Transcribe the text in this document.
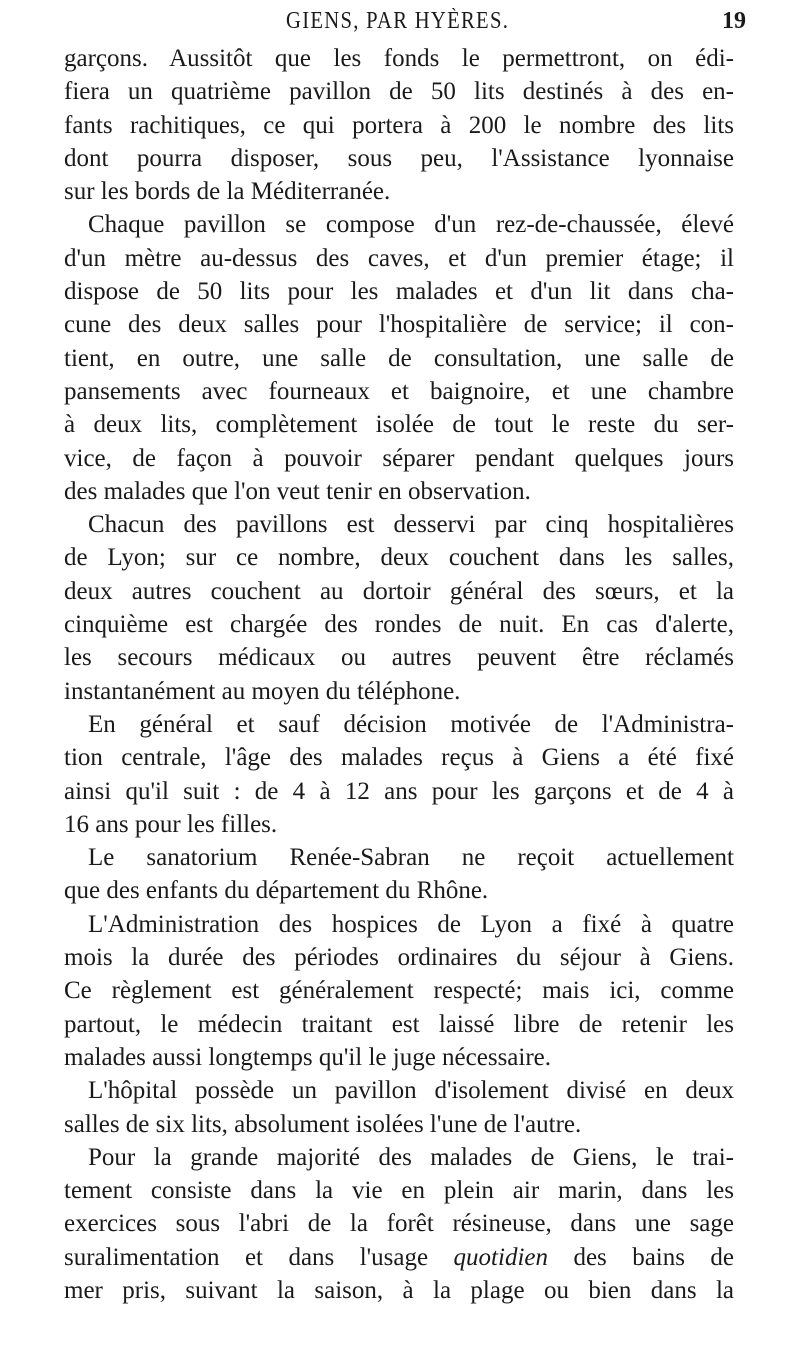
GIENS, PAR HYÈRES.	19
garçons. Aussitôt que les fonds le permettront, on édi-
fiera un quatrième pavillon de 50 lits destinés à des en-
fants rachitiques, ce qui portera à 200 le nombre des lits
dont pourra disposer, sous peu, l'Assistance lyonnaise
sur les bords de la Méditerranée.
Chaque pavillon se compose d'un rez-de-chaussée, élevé
d'un mètre au-dessus des caves, et d'un premier étage; il
dispose de 50 lits pour les malades et d'un lit dans cha-
cune des deux salles pour l'hospitalière de service; il con-
tient, en outre, une salle de consultation, une salle de
pansements avec fourneaux et baignoire, et une chambre
à deux lits, complètement isolée de tout le reste du ser-
vice, de façon à pouvoir séparer pendant quelques jours
des malades que l'on veut tenir en observation.
Chacun des pavillons est desservi par cinq hospitalières
de Lyon; sur ce nombre, deux couchent dans les salles,
deux autres couchent au dortoir général des sœurs, et la
cinquième est chargée des rondes de nuit. En cas d'alerte,
les secours médicaux ou autres peuvent être réclamés
instantanément au moyen du téléphone.
En général et sauf décision motivée de l'Administra-
tion centrale, l'âge des malades reçus à Giens a été fixé
ainsi qu'il suit : de 4 à 12 ans pour les garçons et de 4 à
16 ans pour les filles.
Le sanatorium Renée-Sabran ne reçoit actuellement
que des enfants du département du Rhône.
L'Administration des hospices de Lyon a fixé à quatre
mois la durée des périodes ordinaires du séjour à Giens.
Ce règlement est généralement respecté; mais ici, comme
partout, le médecin traitant est laissé libre de retenir les
malades aussi longtemps qu'il le juge nécessaire.
L'hôpital possède un pavillon d'isolement divisé en deux
salles de six lits, absolument isolées l'une de l'autre.
Pour la grande majorité des malades de Giens, le trai-
tement consiste dans la vie en plein air marin, dans les
exercices sous l'abri de la forêt résineuse, dans une sage
suralimentation et dans l'usage quotidien des bains de
mer pris, suivant la saison, à la plage ou bien dans la
